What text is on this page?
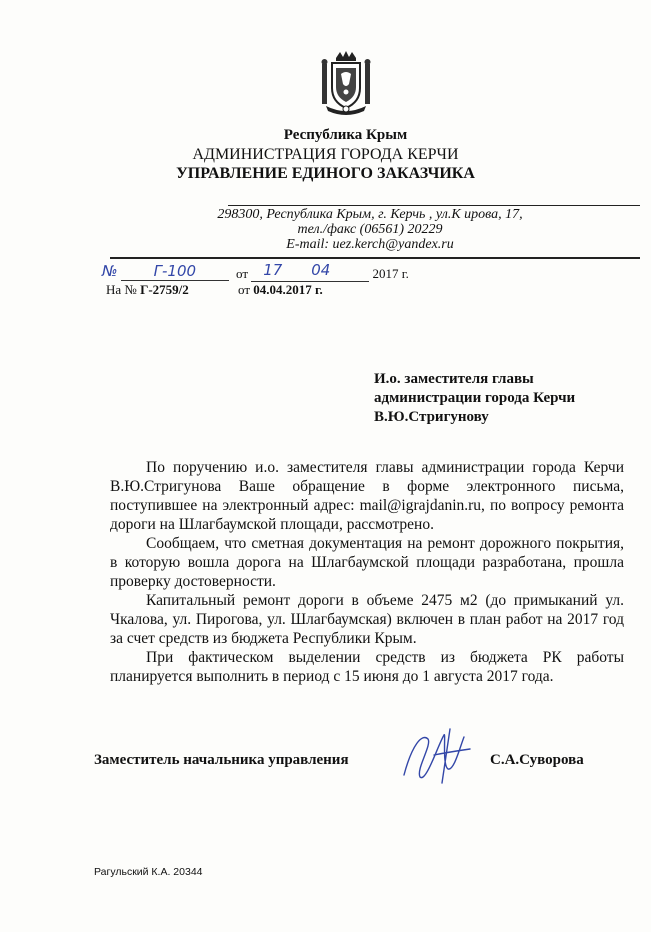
Республика Крым
АДМИНИСТРАЦИЯ ГОРОДА КЕРЧИ
УПРАВЛЕНИЕ ЕДИНОГО ЗАКАЗЧИКА
298300, Республика Крым, г. Керчь , ул.К ирова, 17,
тел./факс (06561) 20229
E-mail: uez.kerch@yandex.ru
№ Г-100	от 17 04	2017 г.
На № Г-2759/2	от 04.04.2017 г.
И.о. заместителя главы
администрации города Керчи
В.Ю.Стригунову

По поручению и.о. заместителя главы администрации города Керчи В.Ю.Стригунова Ваше обращение в форме электронного письма, поступившее на электронный адрес: mail@igrajdanin.ru, по вопросу ремонта дороги на Шлагбаумской площади, рассмотрено.

Сообщаем, что сметная документация на ремонт дорожного покрытия, в которую вошла дорога на Шлагбаумской площади разработана, прошла проверку достоверности.

Капитальный ремонт дороги в объеме 2475 м2 (до примыканий ул. Чкалова, ул. Пирогова, ул. Шлагбаумская) включен в план работ на 2017 год за счет средств из бюджета Республики Крым.

При фактическом выделении средств из бюджета РК работы планируется выполнить в период с 15 июня до 1 августа 2017 года.

Заместитель начальника управления	С.А.Суворова
Рагульский К.А. 20344
